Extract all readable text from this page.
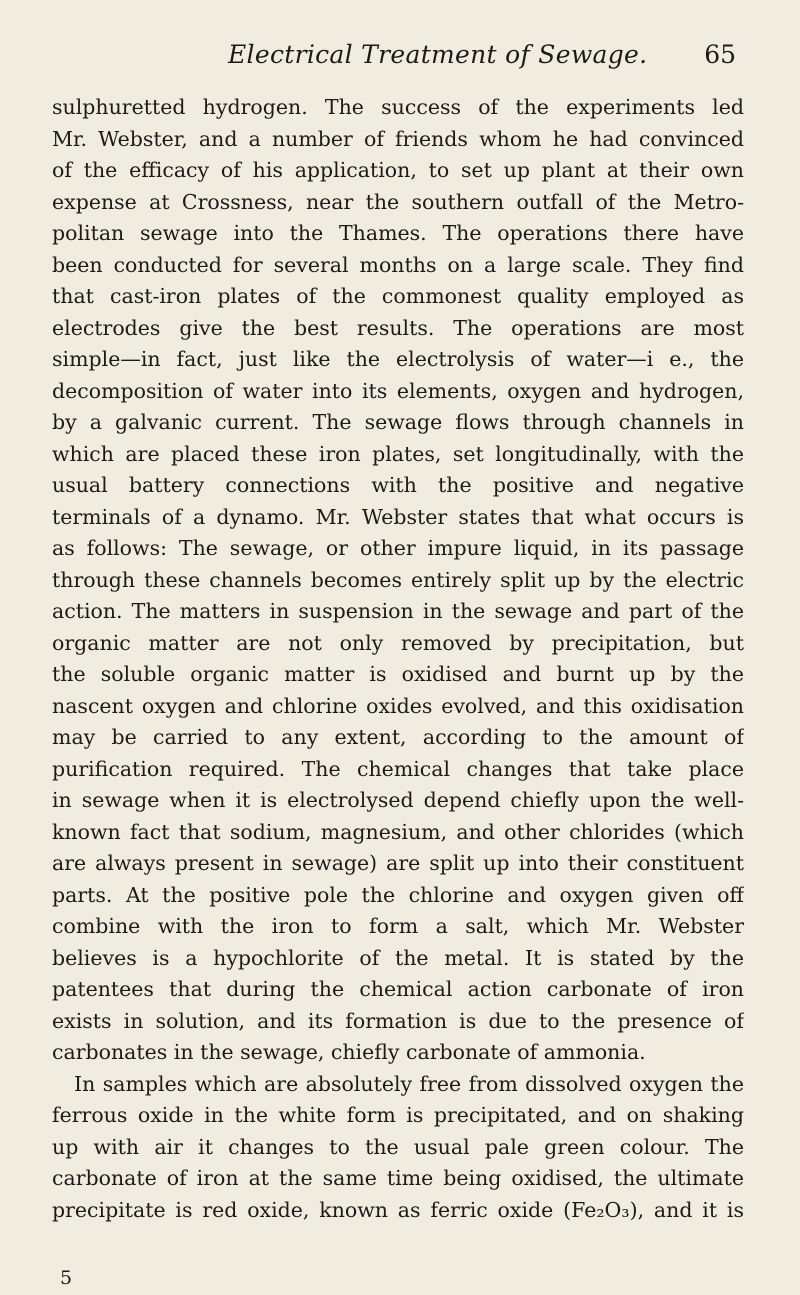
Electrical Treatment of Sewage. 65
sulphuretted hydrogen. The success of the experiments led
Mr. Webster, and a number of friends whom he had convinced
of the efficacy of his application, to set up plant at their own
expense at Crossness, near the southern outfall of the Metro-
politan sewage into the Thames. The operations there have
been conducted for several months on a large scale. They find
that cast-iron plates of the commonest quality employed as
electrodes give the best results. The operations are most
simple—in fact, just like the electrolysis of water—i e., the
decomposition of water into its elements, oxygen and hydrogen,
by a galvanic current. The sewage flows through channels in
which are placed these iron plates, set longitudinally, with the
usual battery connections with the positive and negative
terminals of a dynamo. Mr. Webster states that what occurs is
as follows: The sewage, or other impure liquid, in its passage
through these channels becomes entirely split up by the electric
action. The matters in suspension in the sewage and part of the
organic matter are not only removed by precipitation, but
the soluble organic matter is oxidised and burnt up by the
nascent oxygen and chlorine oxides evolved, and this oxidisation
may be carried to any extent, according to the amount of
purification required. The chemical changes that take place
in sewage when it is electrolysed depend chiefly upon the well-
known fact that sodium, magnesium, and other chlorides (which
are always present in sewage) are split up into their constituent
parts. At the positive pole the chlorine and oxygen given off
combine with the iron to form a salt, which Mr. Webster
believes is a hypochlorite of the metal. It is stated by the
patentees that during the chemical action carbonate of iron
exists in solution, and its formation is due to the presence of
carbonates in the sewage, chiefly carbonate of ammonia.
In samples which are absolutely free from dissolved oxygen the
ferrous oxide in the white form is precipitated, and on shaking
up with air it changes to the usual pale green colour. The
carbonate of iron at the same time being oxidised, the ultimate
precipitate is red oxide, known as ferric oxide (Fe₂O₃), and it is
5
